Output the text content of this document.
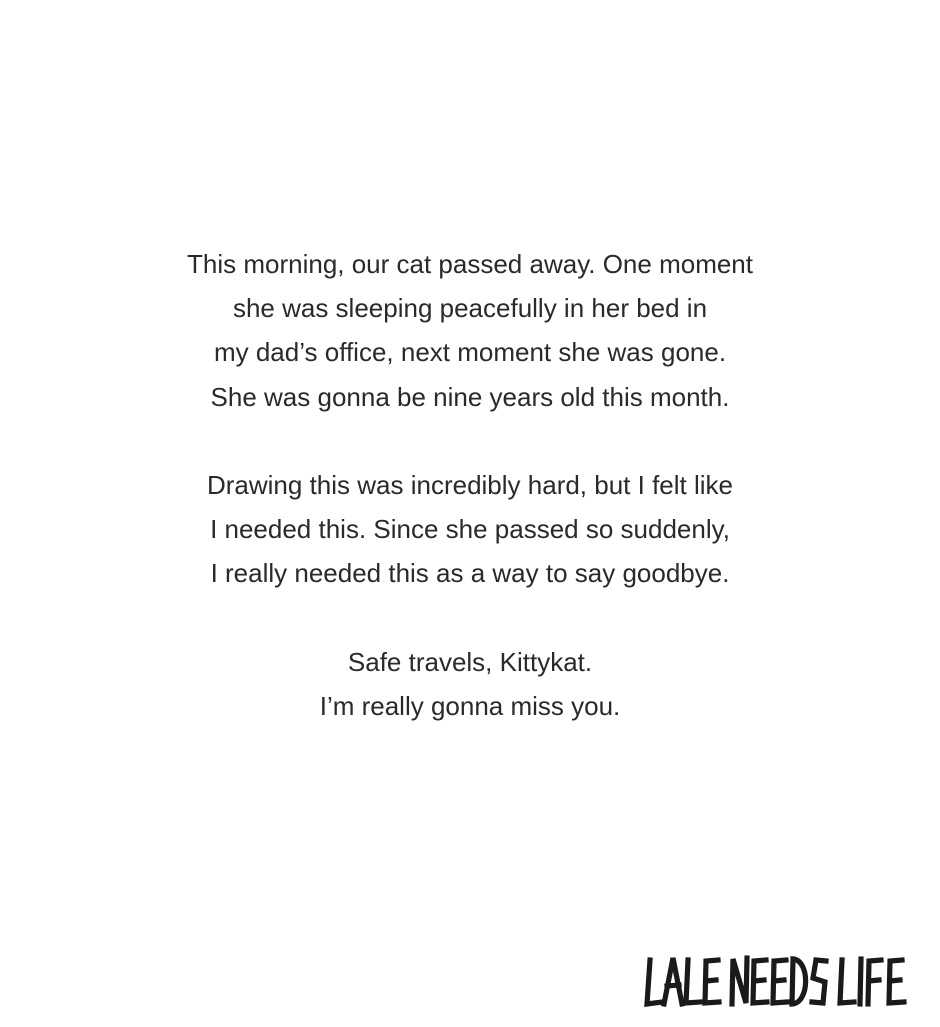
This morning, our cat passed away. One moment
she was sleeping peacefully in her bed in
my dad’s office, next moment she was gone.
She was gonna be nine years old this month.

Drawing this was incredibly hard, but I felt like
I needed this. Since she passed so suddenly,
I really needed this as a way to say goodbye.

Safe travels, Kittykat.
I’m really gonna miss you.
